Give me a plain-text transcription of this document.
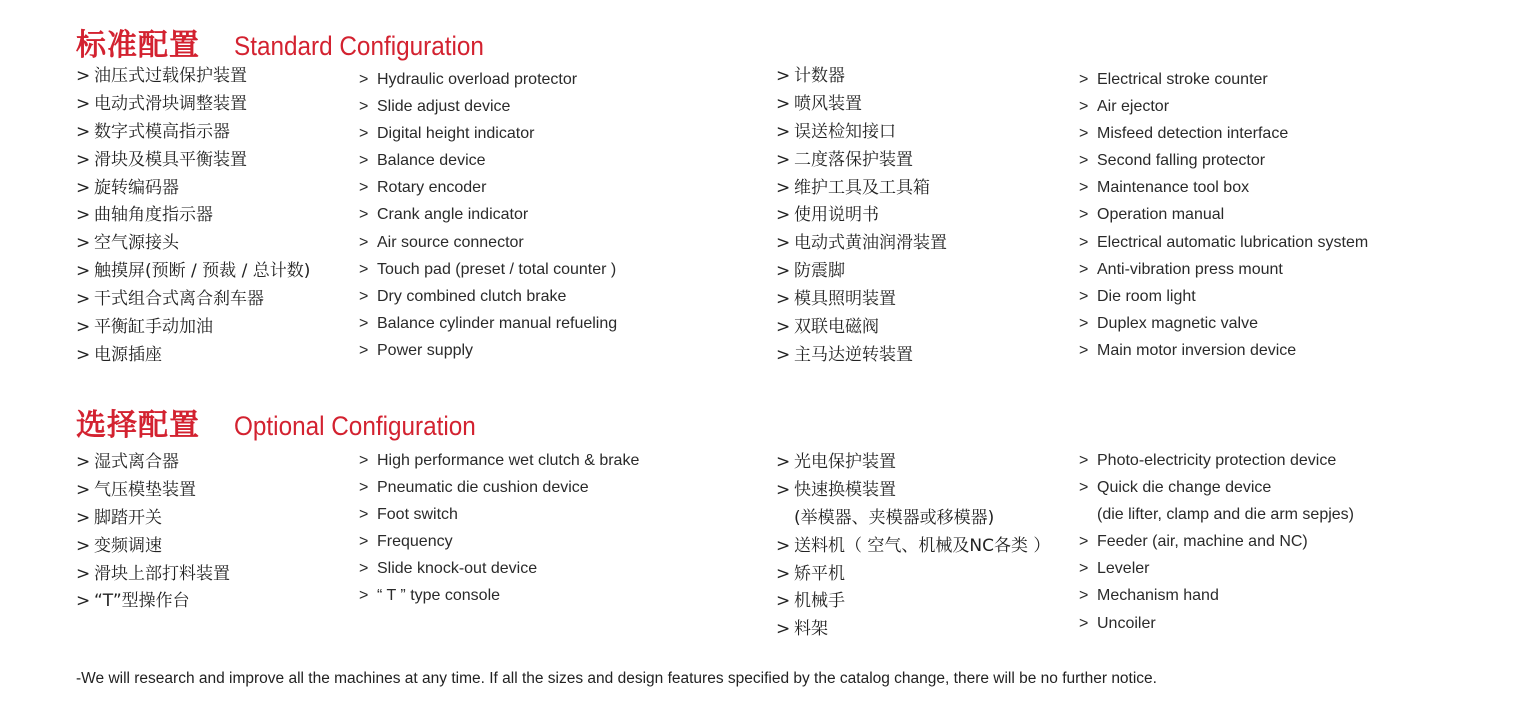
标准配置 Standard Configuration
> 油压式过载保护装置
> 电动式滑块调整装置
> 数字式模高指示器
> 滑块及模具平衡装置
> 旋转编码器
> 曲轴角度指示器
> 空气源接头
> 触摸屏(预断 / 预裁 / 总计数)
> 干式组合式离合刹车器
> 平衡缸手动加油
> 电源插座
> Hydraulic overload protector
> Slide adjust device
> Digital height indicator
> Balance device
> Rotary encoder
> Crank angle indicator
> Air source connector
> Touch pad (preset / total counter )
> Dry combined clutch brake
> Balance cylinder manual refueling
> Power supply
> 计数器
> 喷风装置
> 误送检知接口
> 二度落保护装置
> 维护工具及工具箱
> 使用说明书
> 电动式黄油润滑装置
> 防震脚
> 模具照明装置
> 双联电磁阀
> 主马达逆转装置
> Electrical stroke counter
> Air ejector
> Misfeed detection interface
> Second falling protector
> Maintenance tool box
> Operation manual
> Electrical automatic lubrication system
> Anti-vibration press mount
> Die room light
> Duplex magnetic valve
> Main motor inversion device
选择配置 Optional Configuration
> 湿式离合器
> 气压模垫装置
> 脚踏开关
> 变频调速
> 滑块上部打料装置
> “T”型操作台
> High performance wet clutch & brake
> Pneumatic die cushion device
> Foot switch
> Frequency
> Slide knock-out device
> “ T ” type console
> 光电保护装置
> 快速换模装置
(举模器、夹模器或移模器)
> 送料机（ 空气、机械及NC各类 ）
> 矫平机
> 机械手
> 料架
> Photo-electricity protection device
> Quick die change device
(die lifter, clamp and die arm sepjes)
> Feeder (air, machine and NC)
> Leveler
> Mechanism hand
> Uncoiler
-We will research and improve all the machines at any time. If all the sizes and design features specified by the catalog change, there will be no further notice.
